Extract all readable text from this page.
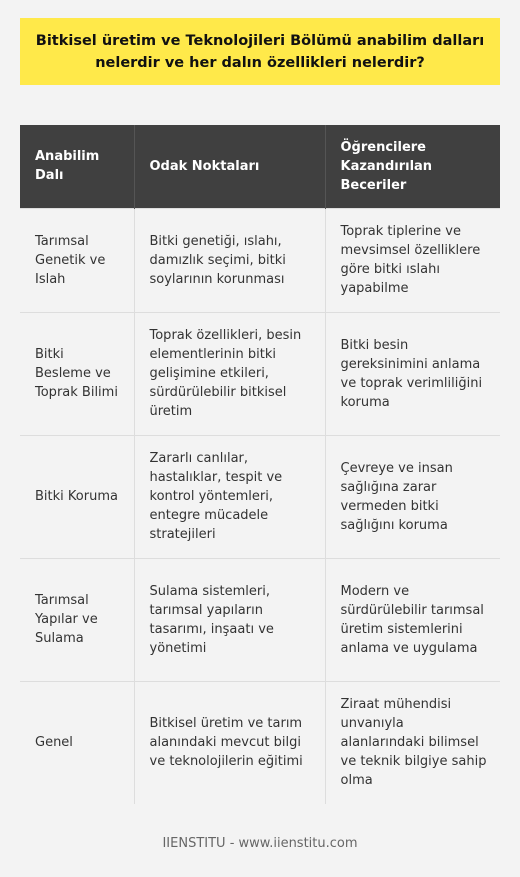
Bitkisel üretim ve Teknolojileri Bölümü anabilim dalları nelerdir ve her dalın özellikleri nelerdir?
Anabilim Dalı	Odak Noktaları	Öğrencilere Kazandırılan Beceriler
Tarımsal Genetik ve Islah	Bitki genetiği, ıslahı, damızlık seçimi, bitki soylarının korunması	Toprak tiplerine ve mevsimsel özelliklere göre bitki ıslahı yapabilme
Bitki Besleme ve Toprak Bilimi	Toprak özellikleri, besin elementlerinin bitki gelişimine etkileri, sürdürülebilir bitkisel üretim	Bitki besin gereksinimini anlama ve toprak verimliliğini koruma
Bitki Koruma	Zararlı canlılar, hastalıklar, tespit ve kontrol yöntemleri, entegre mücadele stratejileri	Çevreye ve insan sağlığına zarar vermeden bitki sağlığını koruma
Tarımsal Yapılar ve Sulama	Sulama sistemleri, tarımsal yapıların tasarımı, inşaatı ve yönetimi	Modern ve sürdürülebilir tarımsal üretim sistemlerini anlama ve uygulama
Genel	Bitkisel üretim ve tarım alanındaki mevcut bilgi ve teknolojilerin eğitimi	Ziraat mühendisi unvanıyla alanlarındaki bilimsel ve teknik bilgiye sahip olma
IIENSTITU - www.iienstitu.com
